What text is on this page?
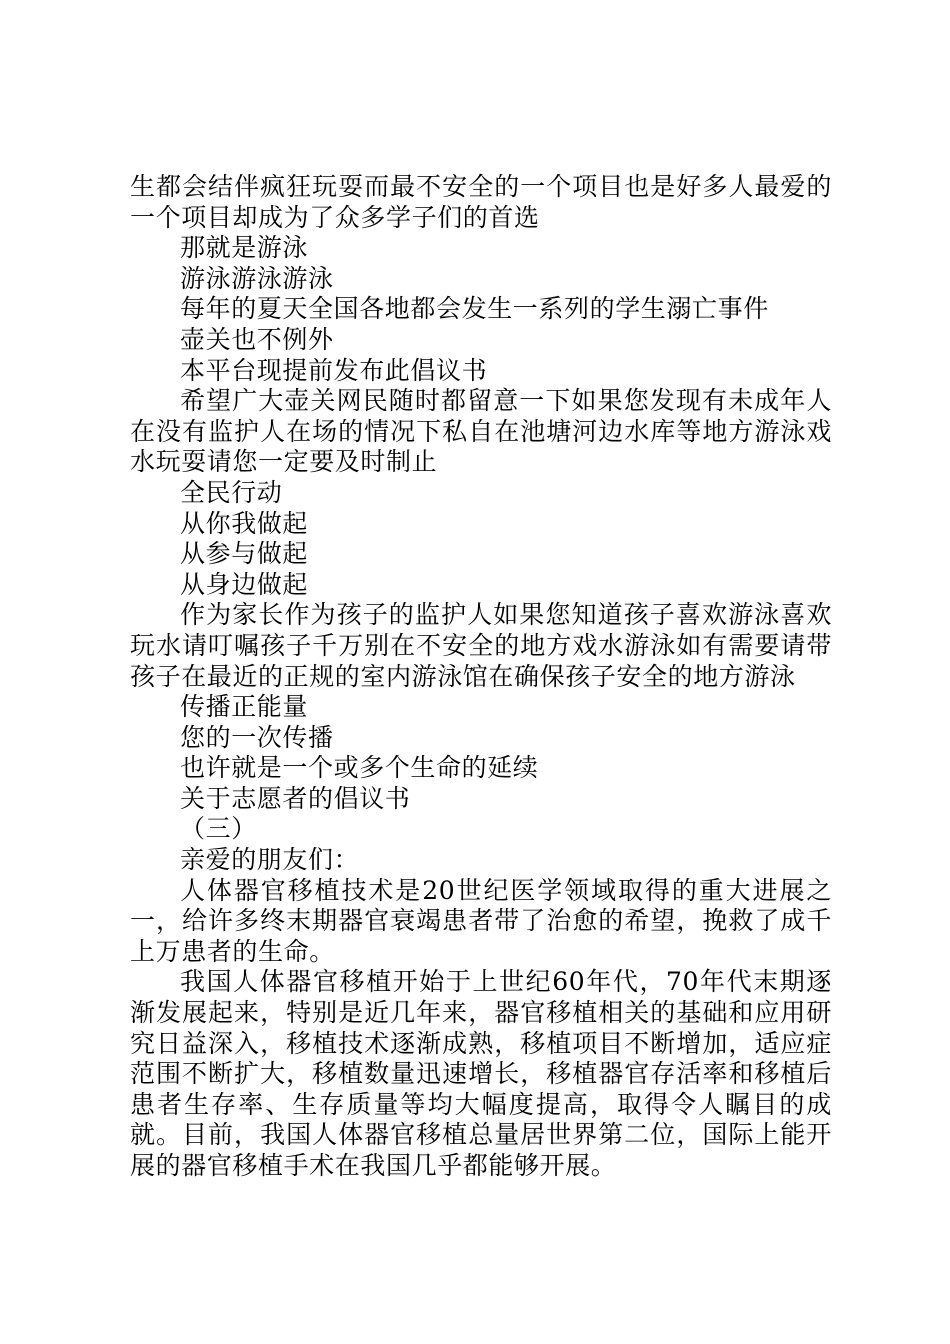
生都会结伴疯狂玩耍而最不安全的一个项目也是好多人最爱的一个项目却成为了众多学子们的首选

那就是游泳

游泳游泳游泳

每年的夏天全国各地都会发生一系列的学生溺亡事件

壶关也不例外

本平台现提前发布此倡议书

希望广大壶关网民随时都留意一下如果您发现有未成年人在没有监护人在场的情况下私自在池塘河边水库等地方游泳戏水玩耍请您一定要及时制止

全民行动

从你我做起

从参与做起

从身边做起

作为家长作为孩子的监护人如果您知道孩子喜欢游泳喜欢玩水请叮嘱孩子千万别在不安全的地方戏水游泳如有需要请带孩子在最近的正规的室内游泳馆在确保孩子安全的地方游泳

传播正能量

您的一次传播

也许就是一个或多个生命的延续

关于志愿者的倡议书

（三）

亲爱的朋友们：

人体器官移植技术是20世纪医学领域取得的重大进展之一，给许多终末期器官衰竭患者带了治愈的希望，挽救了成千上万患者的生命。

我国人体器官移植开始于上世纪60年代，70年代末期逐渐发展起来，特别是近几年来，器官移植相关的基础和应用研究日益深入，移植技术逐渐成熟，移植项目不断增加，适应症范围不断扩大，移植数量迅速增长，移植器官存活率和移植后患者生存率、生存质量等均大幅度提高，取得令人瞩目的成就。目前，我国人体器官移植总量居世界第二位，国际上能开展的器官移植手术在我国几乎都能够开展。
